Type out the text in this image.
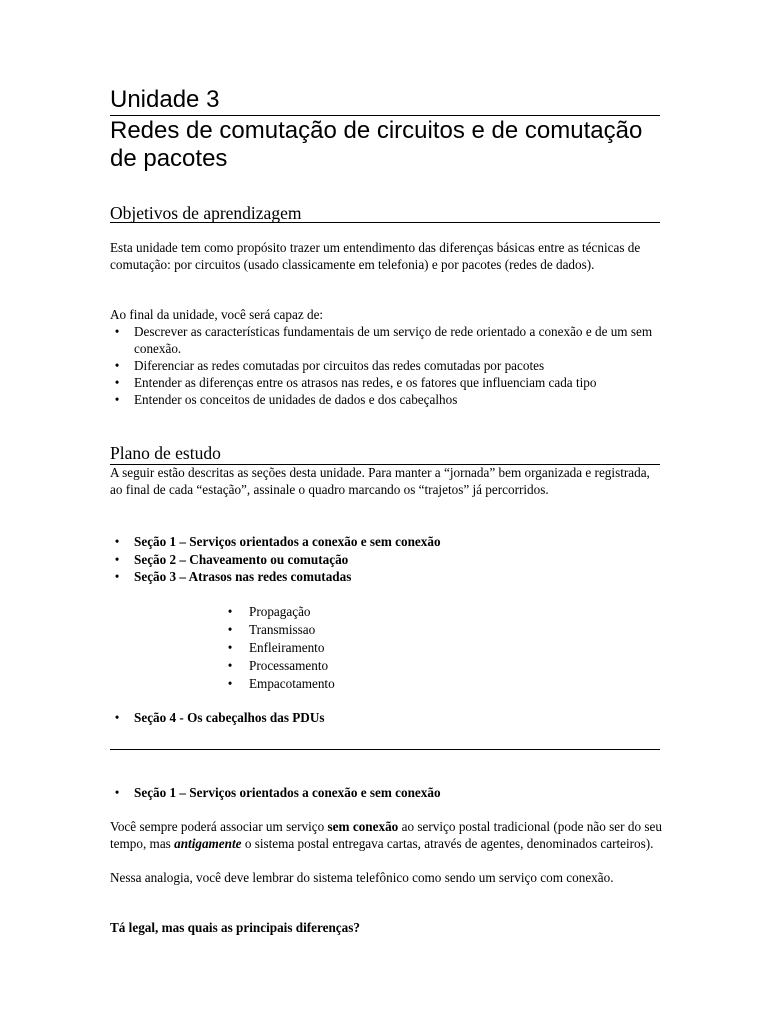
Unidade 3
Redes de comutação de circuitos e de comutação de pacotes
Objetivos de aprendizagem

Esta unidade tem como propósito trazer um entendimento das diferenças básicas entre as técnicas de comutação: por circuitos (usado classicamente em telefonia) e por pacotes (redes de dados).

Ao final da unidade, você será capaz de:

•	Descrever as características fundamentais de um serviço de rede orientado a conexão e de um sem conexão.
•	Diferenciar as redes comutadas por circuitos das redes comutadas por pacotes
•	Entender as diferenças entre os atrasos nas redes, e os fatores que influenciam cada tipo
•	Entender os conceitos de unidades de dados e dos cabeçalhos
Plano de estudo

A seguir estão descritas as seções desta unidade. Para manter a “jornada” bem organizada e registrada, ao final de cada “estação”, assinale o quadro marcando os “trajetos” já percorridos.

•	Seção 1 – Serviços orientados a conexão e sem conexão
•	Seção 2 – Chaveamento ou comutação
•	Seção 3 – Atrasos nas redes comutadas
• Propagação
• Transmissao
• Enfleiramento
• Processamento
• Empacotamento
•	Seção 4 - Os cabeçalhos das PDUs
•	Seção 1 – Serviços orientados a conexão e sem conexão

Você sempre poderá associar um serviço sem conexão ao serviço postal tradicional (pode não ser do seu tempo, mas antigamente o sistema postal entregava cartas, através de agentes, denominados carteiros).

Nessa analogia, você deve lembrar do sistema telefônico como sendo um serviço com conexão.

Tá legal, mas quais as principais diferenças?
